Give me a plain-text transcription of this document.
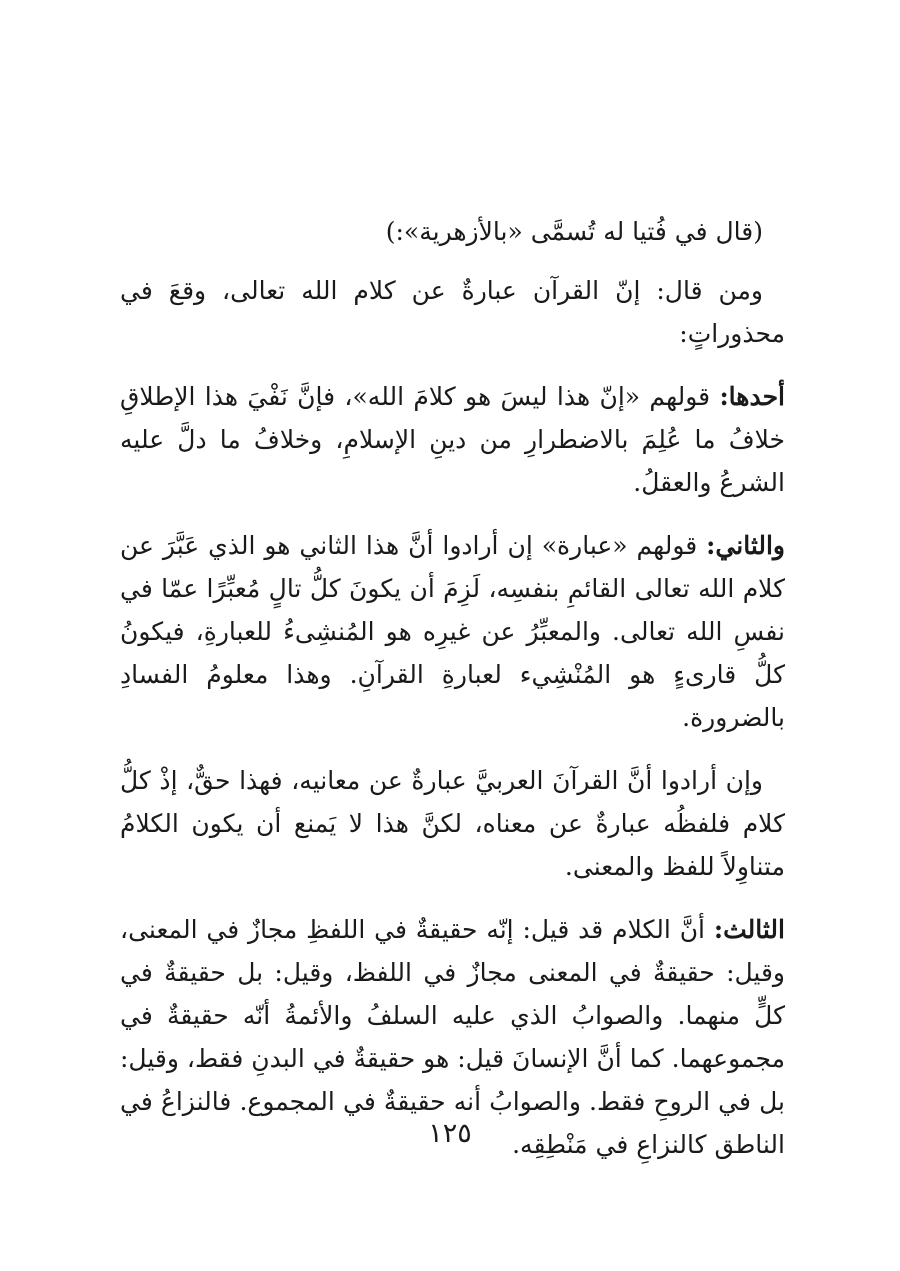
(قال في فُتيا له تُسمَّى «بالأزهرية»:)

ومن قال: إنّ القرآن عبارةٌ عن كلام الله تعالى، وقعَ في محذوراتٍ:

أحدها: قولهم «إنّ هذا ليسَ هو كلامَ الله»، فإنَّ نَفْيَ هذا الإطلاقِ خلافُ ما عُلِمَ بالاضطرارِ من دينِ الإسلامِ، وخلافُ ما دلَّ عليه الشرعُ والعقلُ.

والثاني: قولهم «عبارة» إن أرادوا أنَّ هذا الثاني هو الذي عَبَّرَ عن كلام الله تعالى القائمِ بنفسِه، لَزِمَ أن يكونَ كلُّ تالٍ مُعبِّرًا عمّا في نفسِ الله تعالى. والمعبِّرُ عن غيرِه هو المُنشِىءُ للعبارةِ، فيكونُ كلُّ قارىءٍ هو المُنْشِيء لعبارةِ القرآنِ. وهذا معلومُ الفسادِ بالضرورة.

وإن أرادوا أنَّ القرآنَ العربيَّ عبارةٌ عن معانيه، فهذا حقٌّ، إذْ كلُّ كلام فلفظُه عبارةٌ عن معناه، لكنَّ هذا لا يَمنع أن يكون الكلامُ متناوِلاً للفظ والمعنى.

الثالث: أنَّ الكلام قد قيل: إنّه حقيقةٌ في اللفظِ مجازٌ في المعنى، وقيل: حقيقةٌ في المعنى مجازٌ في اللفظ، وقيل: بل حقيقةٌ في كلٍّ منهما. والصوابُ الذي عليه السلفُ والأئمةُ أنّه حقيقةٌ في مجموعهما. كما أنَّ الإنسانَ قيل: هو حقيقةٌ في البدنِ فقط، وقيل: بل في الروحِ فقط. والصوابُ أنه حقيقةٌ في المجموع. فالنزاعُ في الناطق كالنزاعِ في مَنْطِقِه.

١٢٥
